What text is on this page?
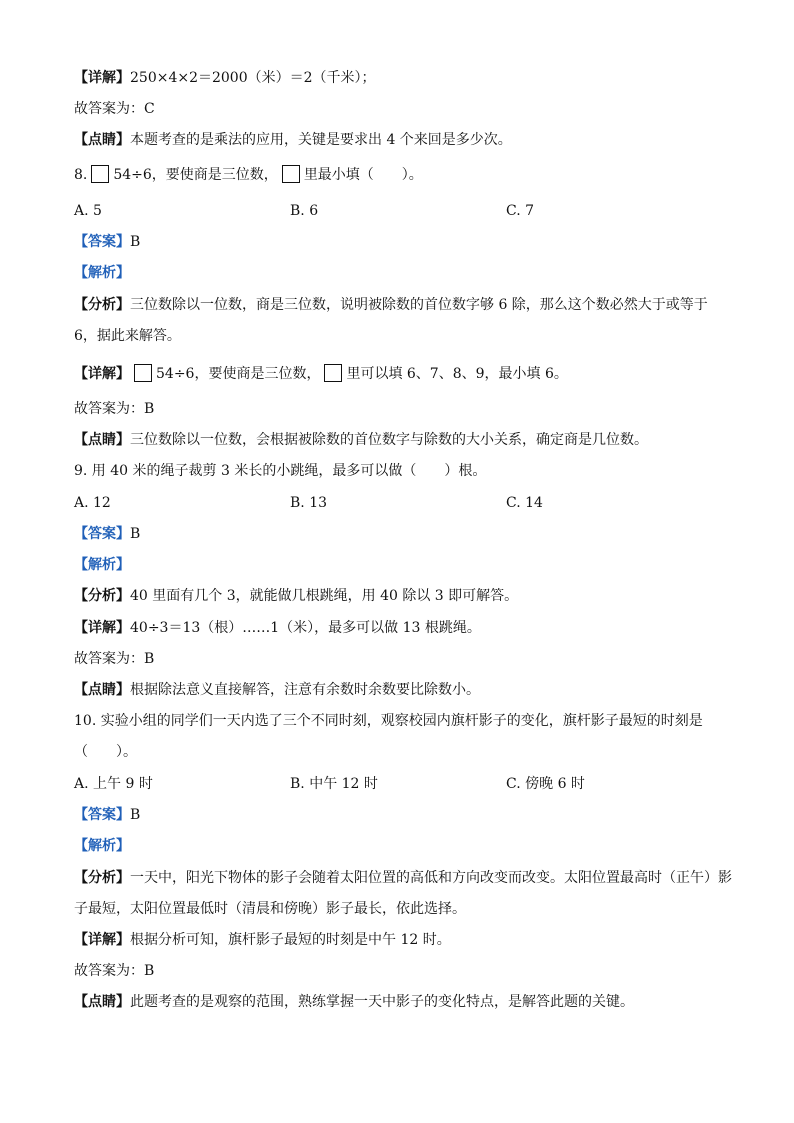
【详解】250×4×2＝2000（米）＝2（千米）；
故答案为：C
【点睛】本题考查的是乘法的应用，关键是要求出 4 个来回是多少次。
8. 54÷6，要使商是三位数， 里最小填（　　）。
A. 5	B. 6	C. 7
【答案】B
【解析】
【分析】三位数除以一位数，商是三位数，说明被除数的首位数字够 6 除，那么这个数必然大于或等于 6，据此来解答。
【详解】 54÷6，要使商是三位数， 里可以填 6、7、8、9，最小填 6。
故答案为：B
【点睛】三位数除以一位数，会根据被除数的首位数字与除数的大小关系，确定商是几位数。
9. 用 40 米的绳子裁剪 3 米长的小跳绳，最多可以做（　　）根。
A. 12	B. 13	C. 14
【答案】B
【解析】
【分析】40 里面有几个 3，就能做几根跳绳，用 40 除以 3 即可解答。
【详解】40÷3＝13（根）……1（米），最多可以做 13 根跳绳。
故答案为：B
【点睛】根据除法意义直接解答，注意有余数时余数要比除数小。
10. 实验小组的同学们一天内选了三个不同时刻，观察校园内旗杆影子的变化，旗杆影子最短的时刻是（　　）。
A. 上午 9 时	B. 中午 12 时	C. 傍晚 6 时
【答案】B
【解析】
【分析】一天中，阳光下物体的影子会随着太阳位置的高低和方向改变而改变。太阳位置最高时（正午）影子最短，太阳位置最低时（清晨和傍晚）影子最长，依此选择。
【详解】根据分析可知，旗杆影子最短的时刻是中午 12 时。
故答案为：B
【点睛】此题考查的是观察的范围，熟练掌握一天中影子的变化特点，是解答此题的关键。
